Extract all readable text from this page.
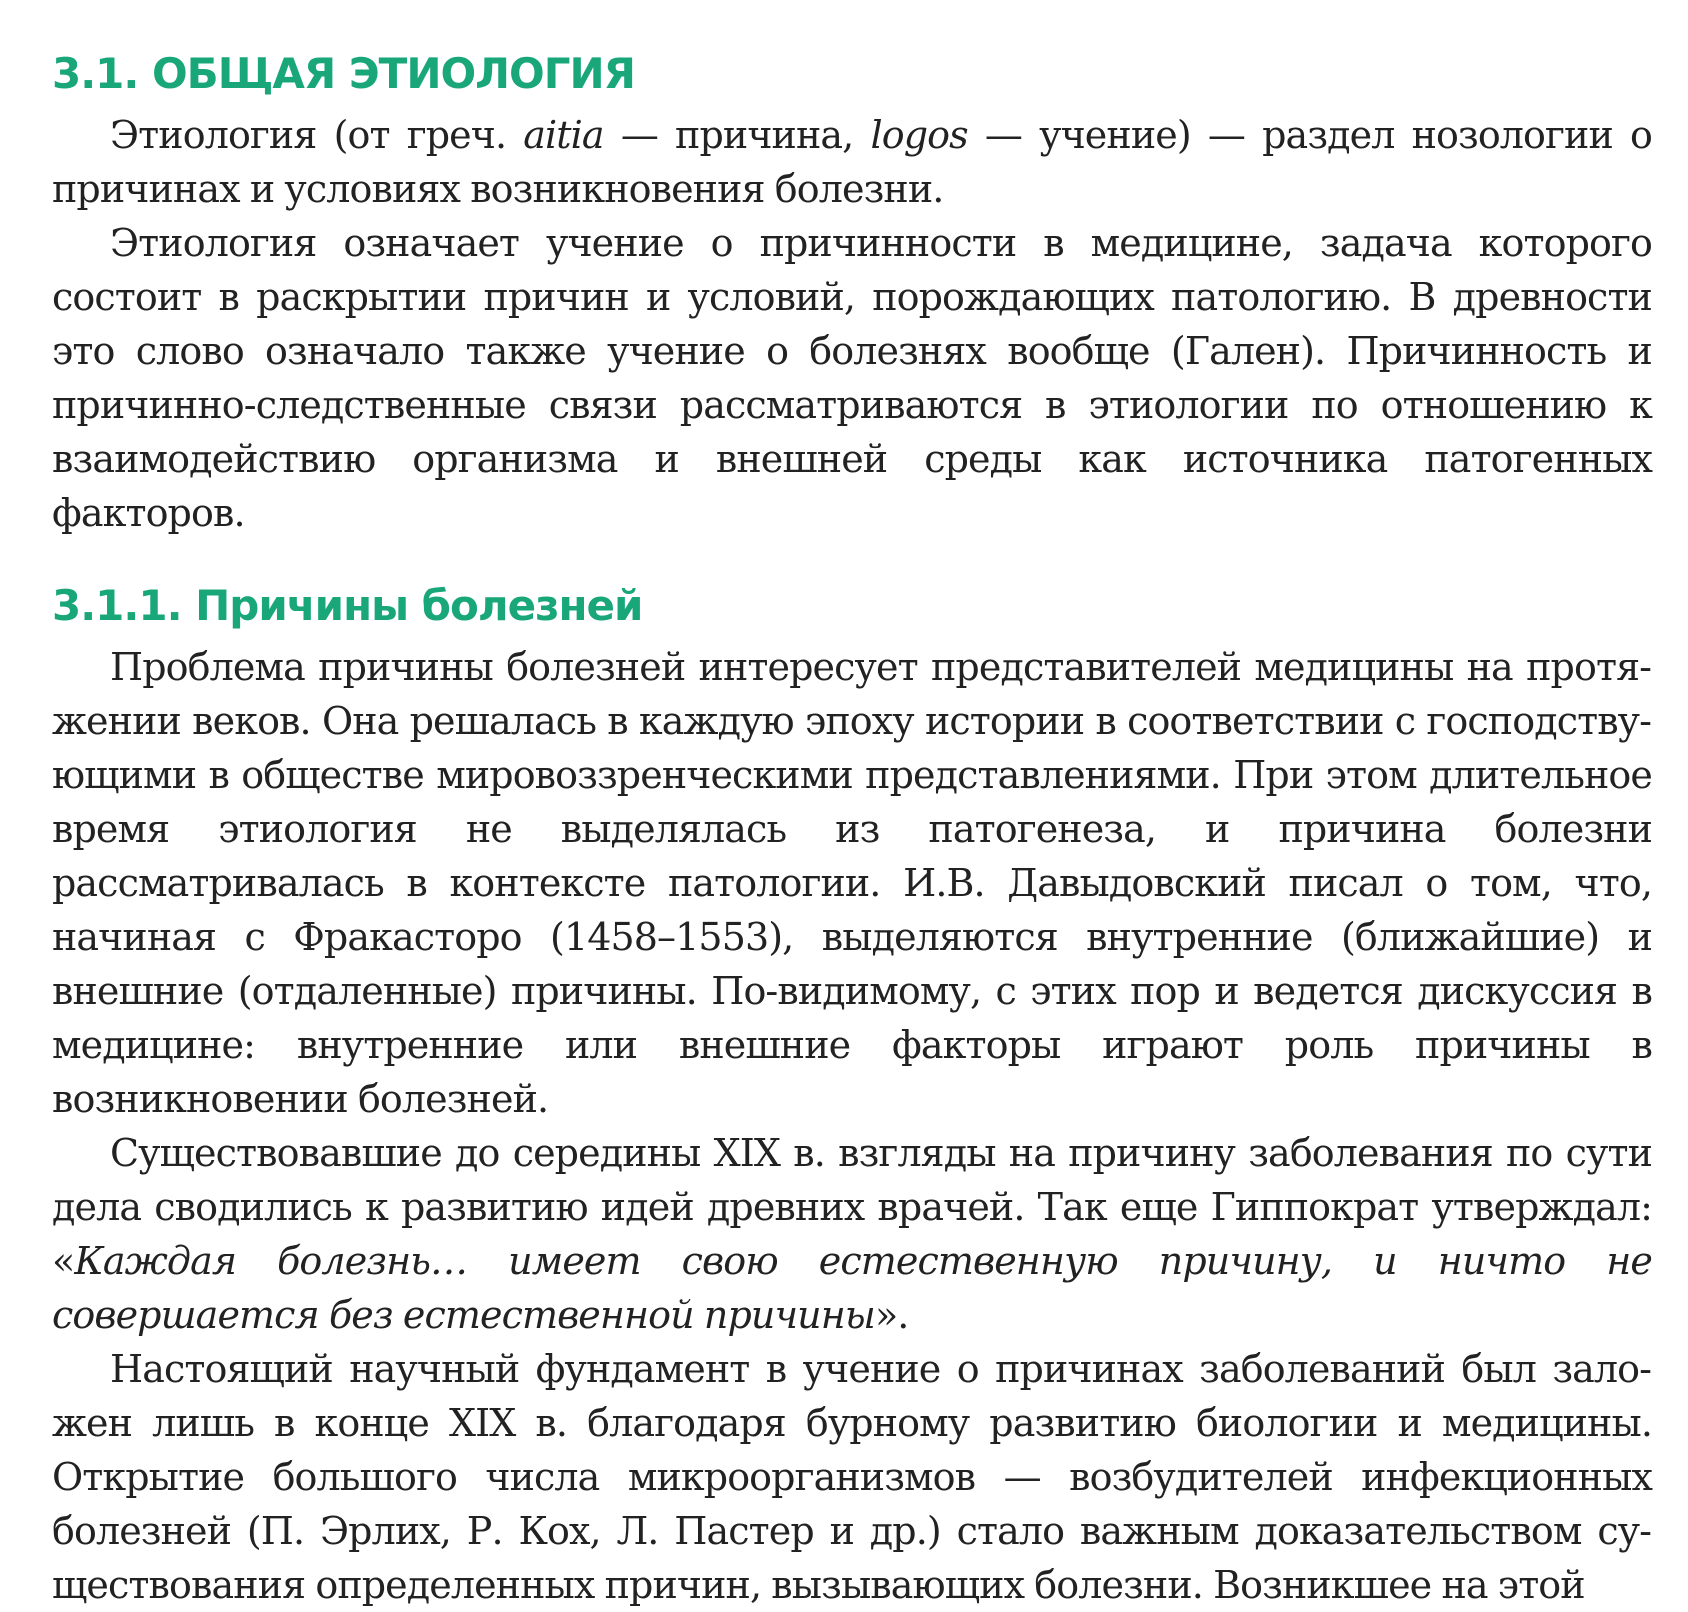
3.1. ОБЩАЯ ЭТИОЛОГИЯ

Этиология (от греч. aitia — причина, logos — учение) — раздел нозологии о причинах и условиях возникновения болезни.

Этиология означает учение о причинности в медицине, задача которого состоит в раскрытии причин и условий, порождающих патологию. В древности это слово означало также учение о болезнях вообще (Гален). Причинность и причинно-следственные связи рассматриваются в этиологии по отношению к взаимодействию организма и внешней среды как источника патогенных факторов.

3.1.1. Причины болезней

Проблема причины болезней интересует представителей медицины на протяжении веков. Она решалась в каждую эпоху истории в соответствии с господствующими в обществе мировоззренческими представлениями. При этом длительное время этиология не выделялась из патогенеза, и причина болезни рассматривалась в контексте патологии. И.В. Давыдовский писал о том, что, начиная с Фракасторо (1458–1553), выделяются внутренние (ближайшие) и внешние (отдаленные) причины. По-видимому, с этих пор и ведется дискуссия в медицине: внутренние или внешние факторы играют роль причины в возникновении болезней.

Существовавшие до середины XIX в. взгляды на причину заболевания по сути дела сводились к развитию идей древних врачей. Так еще Гиппократ утверждал: «Каждая болезнь… имеет свою естественную причину, и ничто не совершается без естественной причины».

Настоящий научный фундамент в учение о причинах заболеваний был заложен лишь в конце XIX в. благодаря бурному развитию биологии и медицины. Открытие большого числа микроорганизмов — возбудителей инфекционных болезней (П. Эрлих, Р. Кох, Л. Пастер и др.) стало важным доказательством существования определенных причин, вызывающих болезни. Возникшее на этой
